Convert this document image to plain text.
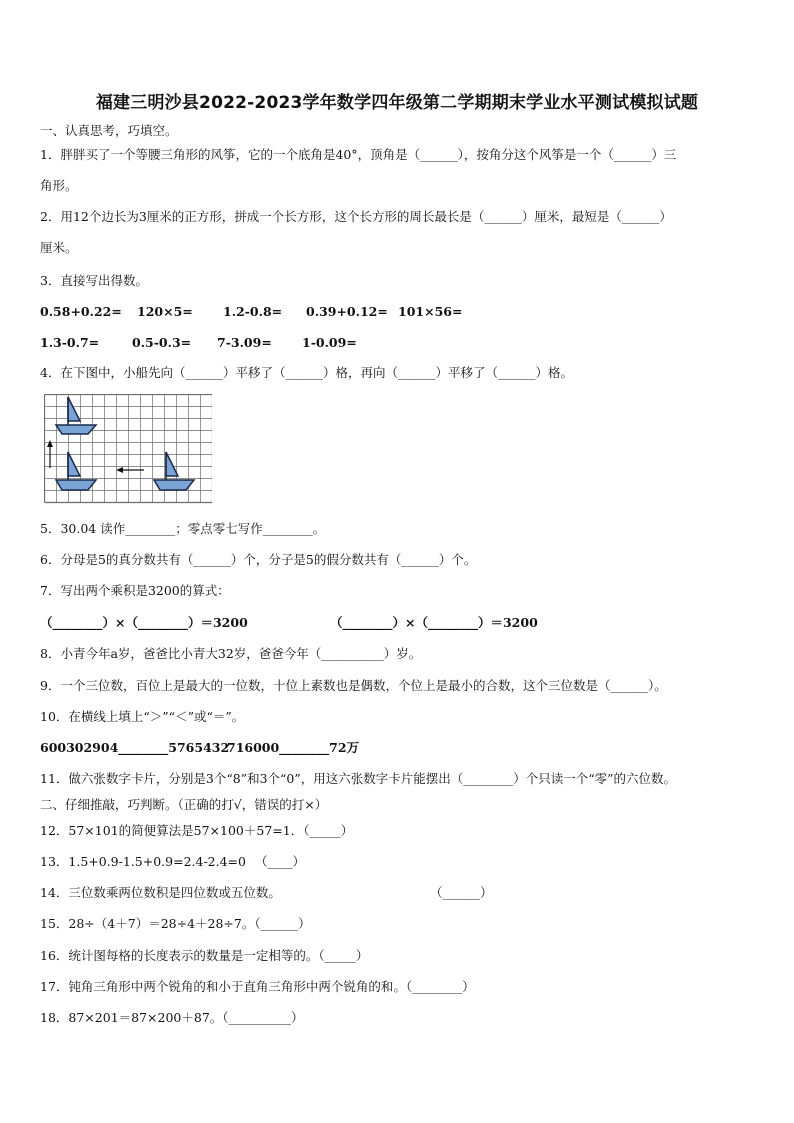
福建三明沙县2022-2023学年数学四年级第二学期期末学业水平测试模拟试题
一、认真思考，巧填空。
1．胖胖买了一个等腰三角形的风筝，它的一个底角是40°，顶角是（______），按角分这个风筝是一个（______）三
角形。
2．用12个边长为3厘米的正方形，拼成一个长方形，这个长方形的周长最长是（______）厘米，最短是（______）
厘米。
3．直接写出得数。
0.58+0.22= 120×5= 1.2-0.8= 0.39+0.12= 101×56=
1.3-0.7=	0.5-0.3= 7-3.09= 1-0.09=
4．在下图中，小船先向（______）平移了（______）格，再向（______）平移了（______）格。
5．30.04 读作________；零点零七写作________。
6．分母是5的真分数共有（______）个，分子是5的假分数共有（______）个。
7．写出两个乘积是3200的算式：
（________）×（________）＝3200	（________）×（________）＝3200
8．小青今年a岁，爸爸比小青大32岁，爸爸今年（__________）岁。
9．一个三位数，百位上是最大的一位数，十位上素数也是偶数，个位上是最小的合数，这个三位数是（______）。
10．在横线上填上“＞”“＜”或“＝”。
600302904________5765432
716000________72万
11．做六张数字卡片，分别是3个“8”和3个“0”，用这六张数字卡片能摆出（________）个只读一个“零”的六位数。
二、仔细推敲，巧判断。（正确的打√，错误的打×）
12．57×101的简便算法是57×100＋57=1．（_____）
13．1.5+0.9-1.5+0.9=2.4-2.4=0 （____）
14．三位数乘两位数积是四位数或五位数。	（______）
15．28÷（4＋7）＝28÷4＋28÷7。（______）
16．统计图每格的长度表示的数量是一定相等的。（_____）
17．钝角三角形中两个锐角的和小于直角三角形中两个锐角的和。（________）
18．87×201＝87×200＋87。（__________）
